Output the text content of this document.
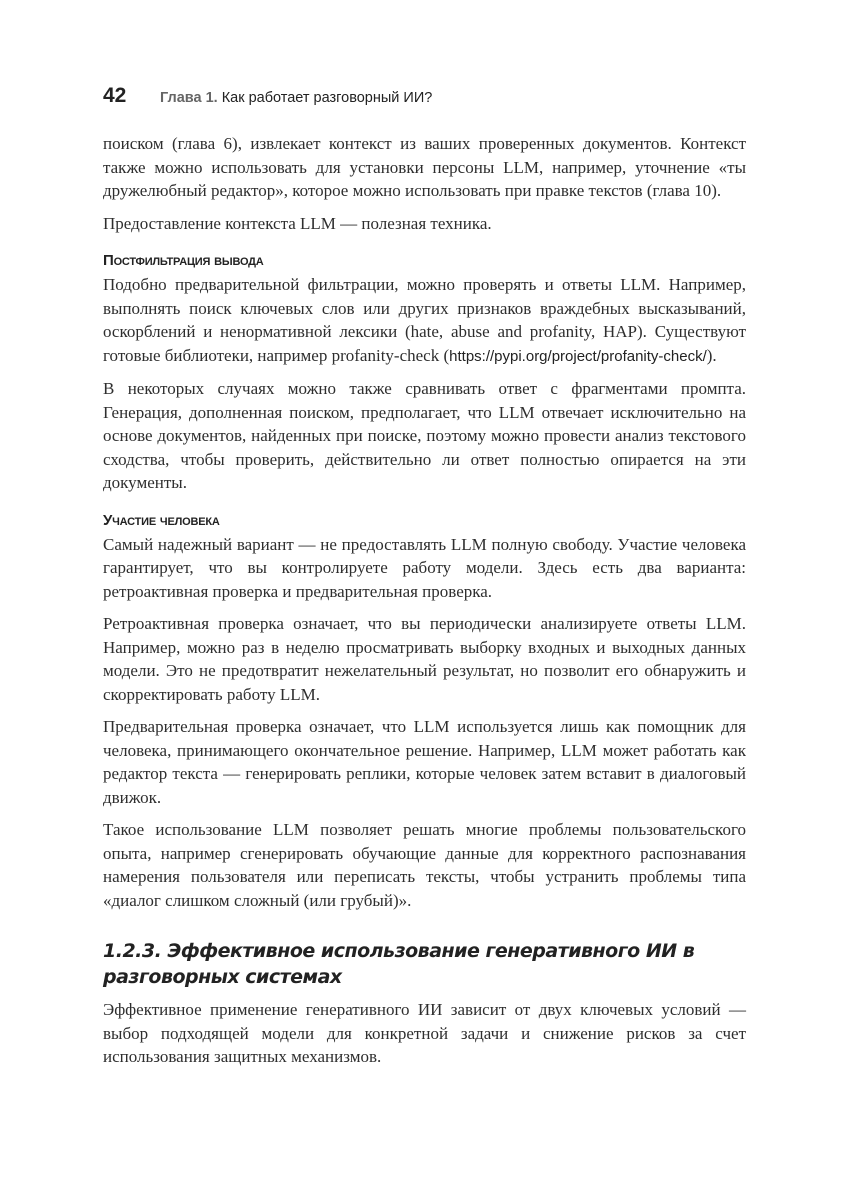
42	Глава 1. Как работает разговорный ИИ?

поиском (глава 6), извлекает контекст из ваших проверенных документов. Контекст также можно использовать для установки персоны LLM, например, уточнение «ты дружелюбный редактор», которое можно использовать при правке текстов (глава 10).

Предоставление контекста LLM — полезная техника.

Постфильтрация вывода

Подобно предварительной фильтрации, можно проверять и ответы LLM. Например, выполнять поиск ключевых слов или других признаков враждебных высказываний, оскорблений и ненормативной лексики (hate, abuse and profanity, HAP). Существуют готовые библиотеки, например profanity-check (https://pypi.org/project/profanity-check/).

В некоторых случаях можно также сравнивать ответ с фрагментами промпта. Генерация, дополненная поиском, предполагает, что LLM отвечает исключительно на основе документов, найденных при поиске, поэтому можно провести анализ текстового сходства, чтобы проверить, действительно ли ответ полностью опирается на эти документы.

Участие человека

Самый надежный вариант — не предоставлять LLM полную свободу. Участие человека гарантирует, что вы контролируете работу модели. Здесь есть два варианта: ретроактивная проверка и предварительная проверка.

Ретроактивная проверка означает, что вы периодически анализируете ответы LLM. Например, можно раз в неделю просматривать выборку входных и выходных данных модели. Это не предотвратит нежелательный результат, но позволит его обнаружить и скорректировать работу LLM.

Предварительная проверка означает, что LLM используется лишь как помощник для человека, принимающего окончательное решение. Например, LLM может работать как редактор текста — генерировать реплики, которые человек затем вставит в диалоговый движок.

Такое использование LLM позволяет решать многие проблемы пользовательского опыта, например сгенерировать обучающие данные для корректного распознавания намерения пользователя или переписать тексты, чтобы устранить проблемы типа «диалог слишком сложный (или грубый)».

1.2.3. Эффективное использование генеративного ИИ в разговорных системах

Эффективное применение генеративного ИИ зависит от двух ключевых условий — выбор подходящей модели для конкретной задачи и снижение рисков за счет использования защитных механизмов.
